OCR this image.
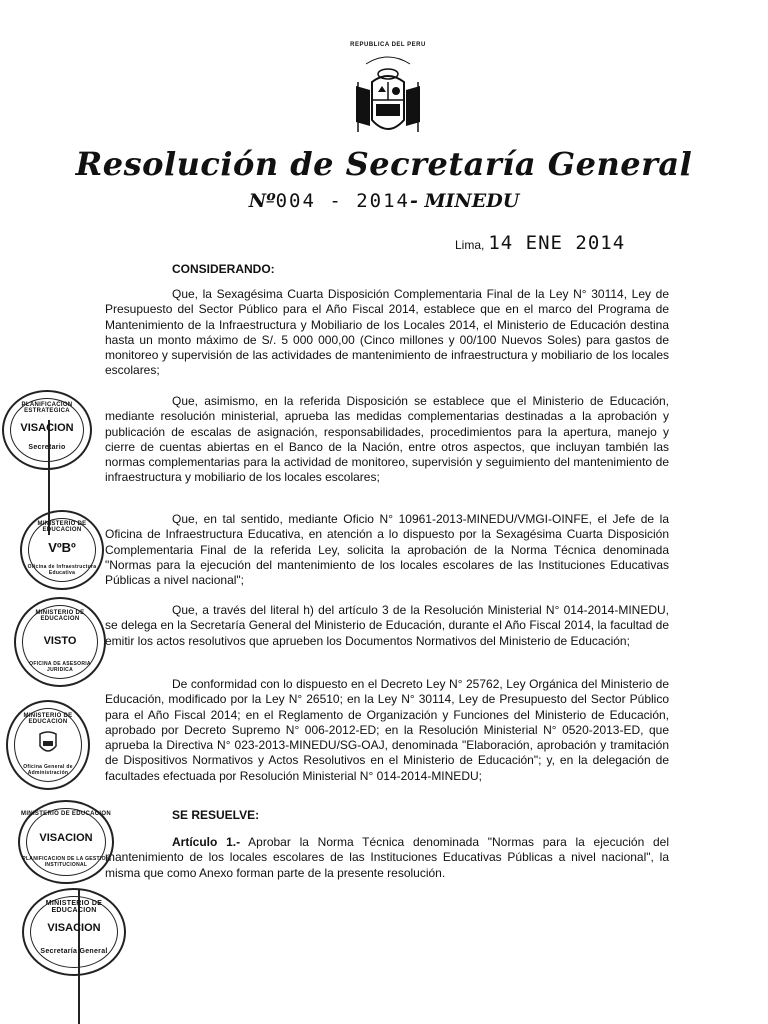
REPUBLICA DEL PERU
Resolución de Secretaría General
Nº004 - 2014- MINEDU
Lima, 14 ENE 2014
CONSIDERANDO:

Que, la Sexagésima Cuarta Disposición Complementaria Final de la Ley N° 30114, Ley de Presupuesto del Sector Público para el Año Fiscal 2014, establece que en el marco del Programa de Mantenimiento de la Infraestructura y Mobiliario de los Locales 2014, el Ministerio de Educación destina hasta un monto máximo de S/. 5 000 000,00 (Cinco millones y 00/100 Nuevos Soles) para gastos de monitoreo y supervisión de las actividades de mantenimiento de infraestructura y mobiliario de los locales escolares;

Que, asimismo, en la referida Disposición se establece que el Ministerio de Educación, mediante resolución ministerial, aprueba las medidas complementarias destinadas a la aprobación y publicación de escalas de asignación, responsabilidades, procedimientos para la apertura, manejo y cierre de cuentas abiertas en el Banco de la Nación, entre otros aspectos, que incluyan también las normas complementarias para la actividad de monitoreo, supervisión y seguimiento del mantenimiento de infraestructura y mobiliario de los locales escolares;

Que, en tal sentido, mediante Oficio N° 10961-2013-MINEDU/VMGI-OINFE, el Jefe de la Oficina de Infraestructura Educativa, en atención a lo dispuesto por la Sexagésima Cuarta Disposición Complementaria Final de la referida Ley, solicita la aprobación de la Norma Técnica denominada "Normas para la ejecución del mantenimiento de los locales escolares de las Instituciones Educativas Públicas a nivel nacional";

Que, a través del literal h) del artículo 3 de la Resolución Ministerial N° 014-2014-MINEDU, se delega en la Secretaría General del Ministerio de Educación, durante el Año Fiscal 2014, la facultad de emitir los actos resolutivos que aprueben los Documentos Normativos del Ministerio de Educación;

De conformidad con lo dispuesto en el Decreto Ley N° 25762, Ley Orgánica del Ministerio de Educación, modificado por la Ley N° 26510; en la Ley N° 30114, Ley de Presupuesto del Sector Público para el Año Fiscal 2014; en el Reglamento de Organización y Funciones del Ministerio de Educación, aprobado por Decreto Supremo N° 006-2012-ED; en la Resolución Ministerial N° 0520-2013-ED, que aprueba la Directiva N° 023-2013-MINEDU/SG-OAJ, denominada "Elaboración, aprobación y tramitación de Dispositivos Normativos y Actos Resolutivos en el Ministerio de Educación"; y, en la delegación de facultades efectuada por Resolución Ministerial N° 014-2014-MINEDU;

SE RESUELVE:

Artículo 1.- Aprobar la Norma Técnica denominada "Normas para la ejecución del mantenimiento de los locales escolares de las Instituciones Educativas Públicas a nivel nacional", la misma que como Anexo forman parte de la presente resolución.

PLANIFICACION ESTRATEGICA
VISACION
Secretario
MINISTERIO DE EDUCACION
VºBº
Oficina de Infraestructura Educativa
MINISTERIO DE EDUCACION
VISTO
OFICINA DE ASESORIA JURIDICA
MINISTERIO DE EDUCACION
Oficina General de Administración
MINISTERIO DE EDUCACION
VISACION
PLANIFICACION DE LA GESTION INSTITUCIONAL
MINISTERIO DE EDUCACION
VISACION
Secretaría General
